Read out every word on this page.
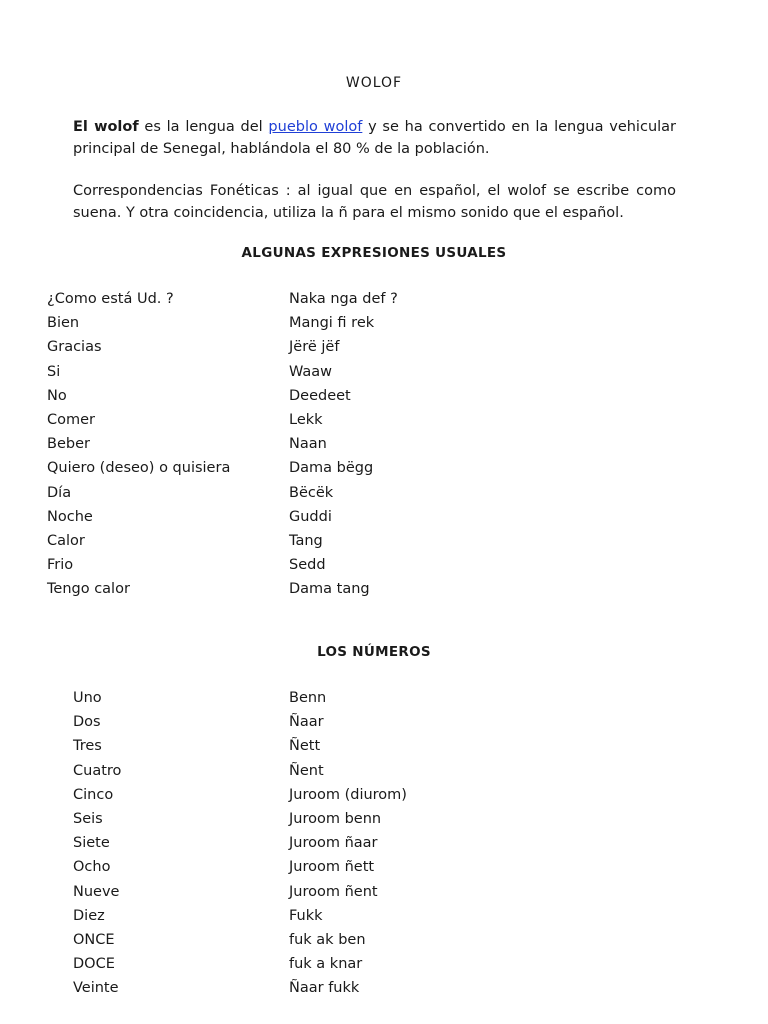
WOLOF

El wolof es la lengua del pueblo wolof y se ha convertido en la lengua vehicular principal de Senegal, hablándola el 80 % de la población.

Correspondencias Fonéticas : al igual que en español, el wolof se escribe como suena. Y otra coincidencia, utiliza la ñ para el mismo sonido que el español.

ALGUNAS EXPRESIONES USUALES
¿Como está Ud. ?	Naka nga def ?
Bien	Mangi fi rek
Gracias	Jërë jëf
Si	Waaw
No	Deedeet
Comer	Lekk
Beber	Naan
Quiero (deseo) o quisiera	Dama bëgg
Día	Bëcëk
Noche	Guddi
Calor	Tang
Frio	Sedd
Tengo calor	Dama tang
LOS NÚMEROS
Uno	Benn
Dos	Ñaar
Tres	Ñett
Cuatro	Ñent
Cinco	Juroom (diurom)
Seis	Juroom benn
Siete	Juroom ñaar
Ocho	Juroom ñett
Nueve	Juroom ñent
Diez	Fukk
ONCE	fuk ak ben
DOCE	fuk a knar
Veinte	Ñaar fukk
